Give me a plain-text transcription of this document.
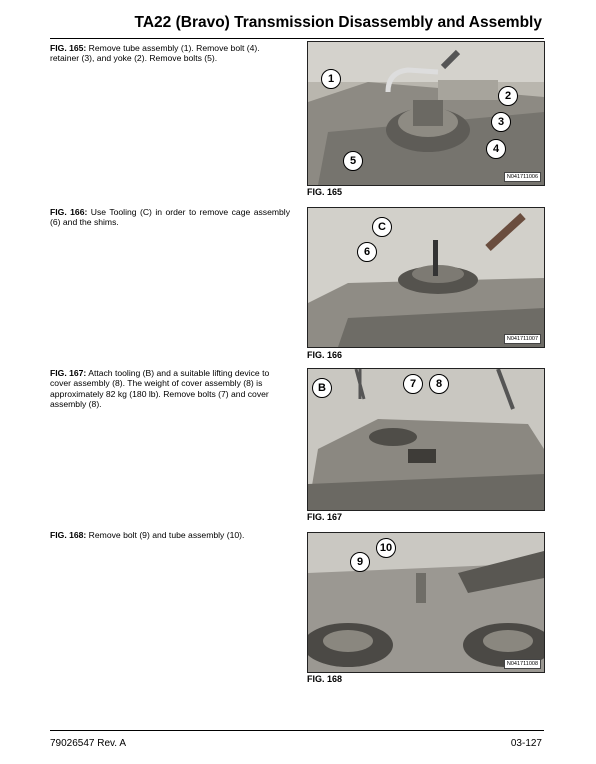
TA22 (Bravo) Transmission Disassembly and Assembly
FIG. 165: Remove tube assembly (1). Remove bolt (4). retainer (3), and yoke (2). Remove bolts (5).
N041711006
1
2
3
4
5
FIG. 165
FIG. 166: Use Tooling (C) in order to remove cage assembly (6) and the shims.
N041711007
C
6
FIG. 166
FIG. 167: Attach tooling (B) and a suitable lifting device to cover assembly (8). The weight of cover assembly (8) is approximately 82 kg (180 lb). Remove bolts (7) and cover assembly (8).
B	7	8
FIG. 167
FIG. 168: Remove bolt (9) and tube assembly (10).
N041711008
10
9
FIG. 168
79026547 Rev. A	03-127
